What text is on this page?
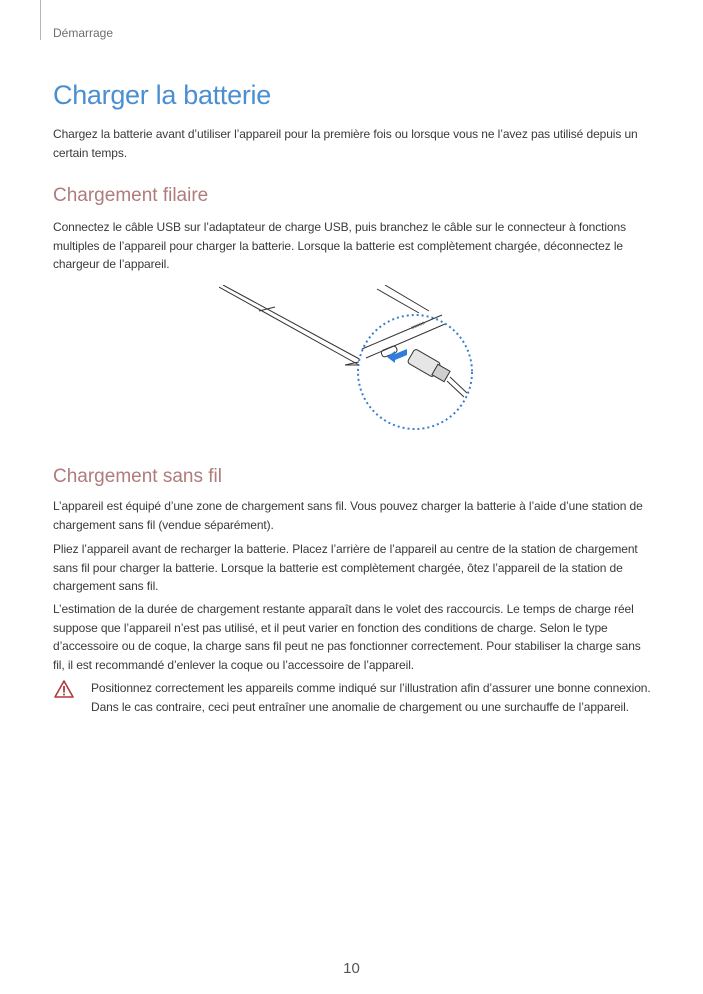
Démarrage
Charger la batterie

Chargez la batterie avant d’utiliser l’appareil pour la première fois ou lorsque vous ne l’avez pas utilisé depuis un certain temps.

Chargement filaire

Connectez le câble USB sur l’adaptateur de charge USB, puis branchez le câble sur le connecteur à fonctions multiples de l’appareil pour charger la batterie. Lorsque la batterie est complètement chargée, déconnectez le chargeur de l’appareil.

ooooo
Chargement sans fil

L’appareil est équipé d’une zone de chargement sans fil. Vous pouvez charger la batterie à l’aide d’une station de chargement sans fil (vendue séparément).

Pliez l’appareil avant de recharger la batterie. Placez l’arrière de l’appareil au centre de la station de chargement sans fil pour charger la batterie. Lorsque la batterie est complètement chargée, ôtez l’appareil de la station de chargement sans fil.

L’estimation de la durée de chargement restante apparaît dans le volet des raccourcis. Le temps de charge réel suppose que l’appareil n’est pas utilisé, et il peut varier en fonction des conditions de charge. Selon le type d’accessoire ou de coque, la charge sans fil peut ne pas fonctionner correctement. Pour stabiliser la charge sans fil, il est recommandé d’enlever la coque ou l’accessoire de l’appareil.

Positionnez correctement les appareils comme indiqué sur l’illustration afin d’assurer une bonne connexion. Dans le cas contraire, ceci peut entraîner une anomalie de chargement ou une surchauffe de l’appareil.

10
